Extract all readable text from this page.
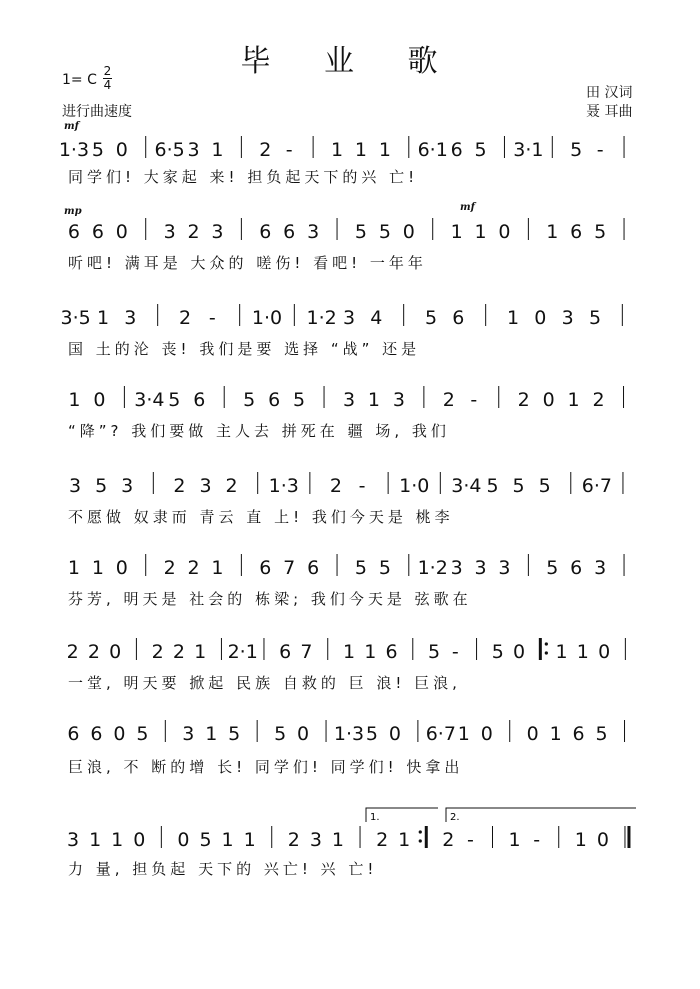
毕 业 歌
1= C
2
4
进行曲速度
田 汉词
聂 耳曲
mf
mp	mf
1·3 5 0 6·5 3 1 2 - 1 1 1 6·1 6 5 3·1 5 -
6 6 0 3 2 3 6 6 3 5 5 0 1 1 0 1 6 5
3·5 1 3 2 - 1·0 1·2 3 4 5 6 1 0 3 5
1 0 3·4 5 6 5 6 5 3 1 3 2 - 2 0 1 2
3 5 3 2 3 2 1·3 2 - 1·0 3·4 5 5 5 6·7
1 1 0 2 2 1 6 7 6 5 5 1·2 3 3 3 5 6 3
2 2 0 2 2 1 2·1 6 7 1 1 6 5 - 5 0 1 1 0
6 6 0 5 3 1 5 5 0 1·3 5 0 6·7 1 0 0 1 6 5
3 1 1 0 0 5 1 1 2 3 1 2 1 2 - 1 - 1 0
1.	2.
同学们! 大家起 来! 担负起天下的兴 亡!
听吧! 满耳是 大众的 嗟伤! 看吧! 一年年
国 土的沦 丧! 我们是要 选择 “战” 还是
“降”? 我们要做 主人去 拼死在 疆 场, 我们
不愿做 奴隶而 青云 直 上! 我们今天是 桃李
芬芳, 明天是 社会的 栋梁; 我们今天是 弦歌在
一堂, 明天要 掀起 民族 自救的 巨 浪! 巨浪,
巨浪, 不 断的增 长! 同学们! 同学们! 快拿出
力 量, 担负起 天下的 兴亡! 兴 亡!
